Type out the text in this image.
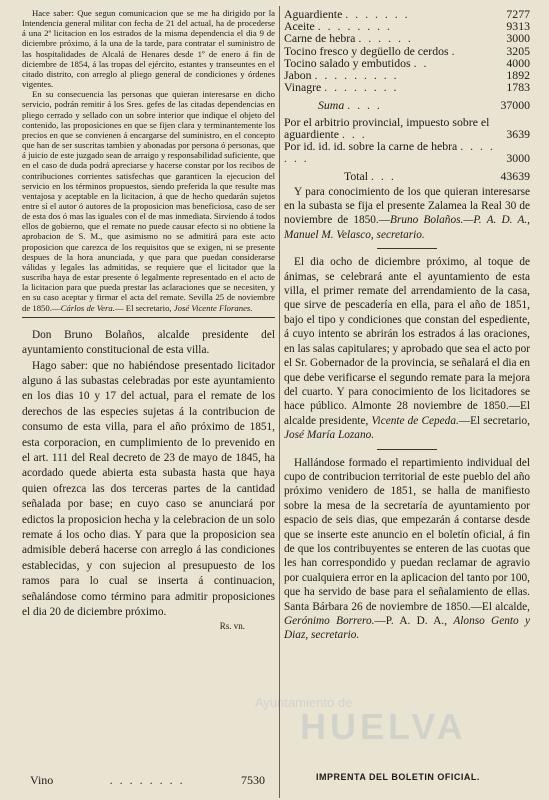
Hace saber: Que segun comunicacion que se me ha dirigido por la Intendencia general militar con fecha de 21 del actual, ha de procederse á una 2ª licitacion en los estrados de la misma dependencia el dia 9 de diciembre próximo, á la una de la tarde, para contratar el suministro de las hospitalidades de Alcalá de Henares desde 1º de enero á fin de diciembre de 1854, á las tropas del ejército, estantes y transeuntes en el citado distrito, con arreglo al pliego general de condiciones y órdenes vigentes.

En su consecuencia las personas que quieran interesarse en dicho servicio, podrán remitir á los Sres. gefes de las citadas dependencias en pliego cerrado y sellado con un sobre interior que indique el objeto del contenido, las proposiciones en que se fijen clara y terminantemente los precios en que se convienen á encargarse del suministro, en el concepto que han de ser suscritas tambien y abonadas por persona ó personas, que á juicio de este juzgado sean de arraigo y responsabilidad suficiente, que en el caso de duda podrá apreciarse y hacerse constar por los recibos de contribuciones corrientes satisfechas que garanticen la ejecucion del servicio en los términos propuestos, siendo preferida la que resulte mas ventajosa y aceptable en la licitacion, á que de hecho quedarán sujetos entre sí el autor ó autores de la proposicion mas beneficiosa, caso de ser de esta dos ó mas las iguales con el de mas inmediata. Sirviendo á todos ellos de gobierno, que el remate no puede causar efecto si no obtiene la aprobacion de S. M., que asimismo no se admitirá para este acto proposicion que carezca de los requisitos que se exigen, ni se presente despues de la hora anunciada, y que para que puedan considerarse válidas y legales las admitidas, se requiere que el licitador que la suscriba haya de estar presente ó legalmente representado en el acto de la licitacion para que pueda prestar las aclaraciones que se necesiten, y en su caso aceptar y firmar el acta del remate. Sevilla 25 de noviembre de 1850.—Cárlos de Vera.— El secretario, José Vicente Floranes.

Don Bruno Bolaños, alcalde presidente del ayuntamiento constitucional de esta villa.

Hago saber: que no habiéndose presentado licitador alguno á las subastas celebradas por este ayuntamiento en los dias 10 y 17 del actual, para el remate de los derechos de las especies sujetas á la contribucion de consumo de esta villa, para el año próximo de 1851, esta corporacion, en cumplimiento de lo prevenido en el art. 111 del Real decreto de 23 de mayo de 1845, ha acordado quede abierta esta subasta hasta que haya quien ofrezca las dos terceras partes de la cantidad señalada por base; en cuyo caso se anunciará por edictos la proposicion hecha y la celebracion de un solo remate á los ocho dias. Y para que la proposicion sea admisible deberá hacerse con arreglo á las condiciones establecidas, y con sujecion al presupuesto de los ramos para lo cual se inserta á continuacion, señalándose como término para admitir proposiciones el dia 20 de diciembre próximo.

Rs. vn.
Vino	. . . . . . . .	7530
Aguardiente . . . . . . .	7277
Aceite . . . . . . . .	9313
Carne de hebra . . . . . .	3000
Tocino fresco y degüello de cerdos .	3205
Tocino salado y embutidos . .	4000
Jabon . . . . . . . . .	1892
Vinagre . . . . . . . .	1783
Suma . . . .	37000
Por el arbitrio provincial, impuesto sobre el aguardiente . . .	3639
Por id. id. id. sobre la carne de hebra . . . . . . .	3000
Total . . .	43639

Y para conocimiento de los que quieran interesarse en la subasta se fija el presente Zalamea la Real 30 de noviembre de 1850.—Bruno Bolaños.—P. A. D. A., Manuel M. Velasco, secretario.

El dia ocho de diciembre próximo, al toque de ánimas, se celebrará ante el ayuntamiento de esta villa, el primer remate del arrendamiento de la casa, que sirve de pescadería en ella, para el año de 1851, bajo el tipo y condiciones que constan del espediente, á cuyo intento se abrirán los estrados á las oraciones, en las salas capitulares; y aprobado que sea el acto por el Sr. Gobernador de la provincia, se señalará el dia en que debe verificarse el segundo remate para la mejora del cuarto. Y para conocimiento de los licitadores se hace público. Almonte 28 noviembre de 1850.—El alcalde presidente, Vicente de Cepeda.—El secretario, José María Lozano.

Hallándose formado el repartimiento individual del cupo de contribucion territorial de este pueblo del año próximo venidero de 1851, se halla de manifiesto sobre la mesa de la secretaría de ayuntamiento por espacio de seis dias, que empezarán á contarse desde que se inserte este anuncio en el boletín oficial, á fin de que los contribuyentes se enteren de las cuotas que les han correspondido y puedan reclamar de agravio por cualquiera error en la aplicacion del tanto por 100, que ha servido de base para el señalamiento de ellas. Santa Bárbara 26 de noviembre de 1850.—El alcalde, Gerónimo Borrero.—P. A. D. A., Alonso Gento y Diaz, secretario.

Ayuntamiento de
HUELVA
IMPRENTA DEL BOLETIN OFICIAL.
